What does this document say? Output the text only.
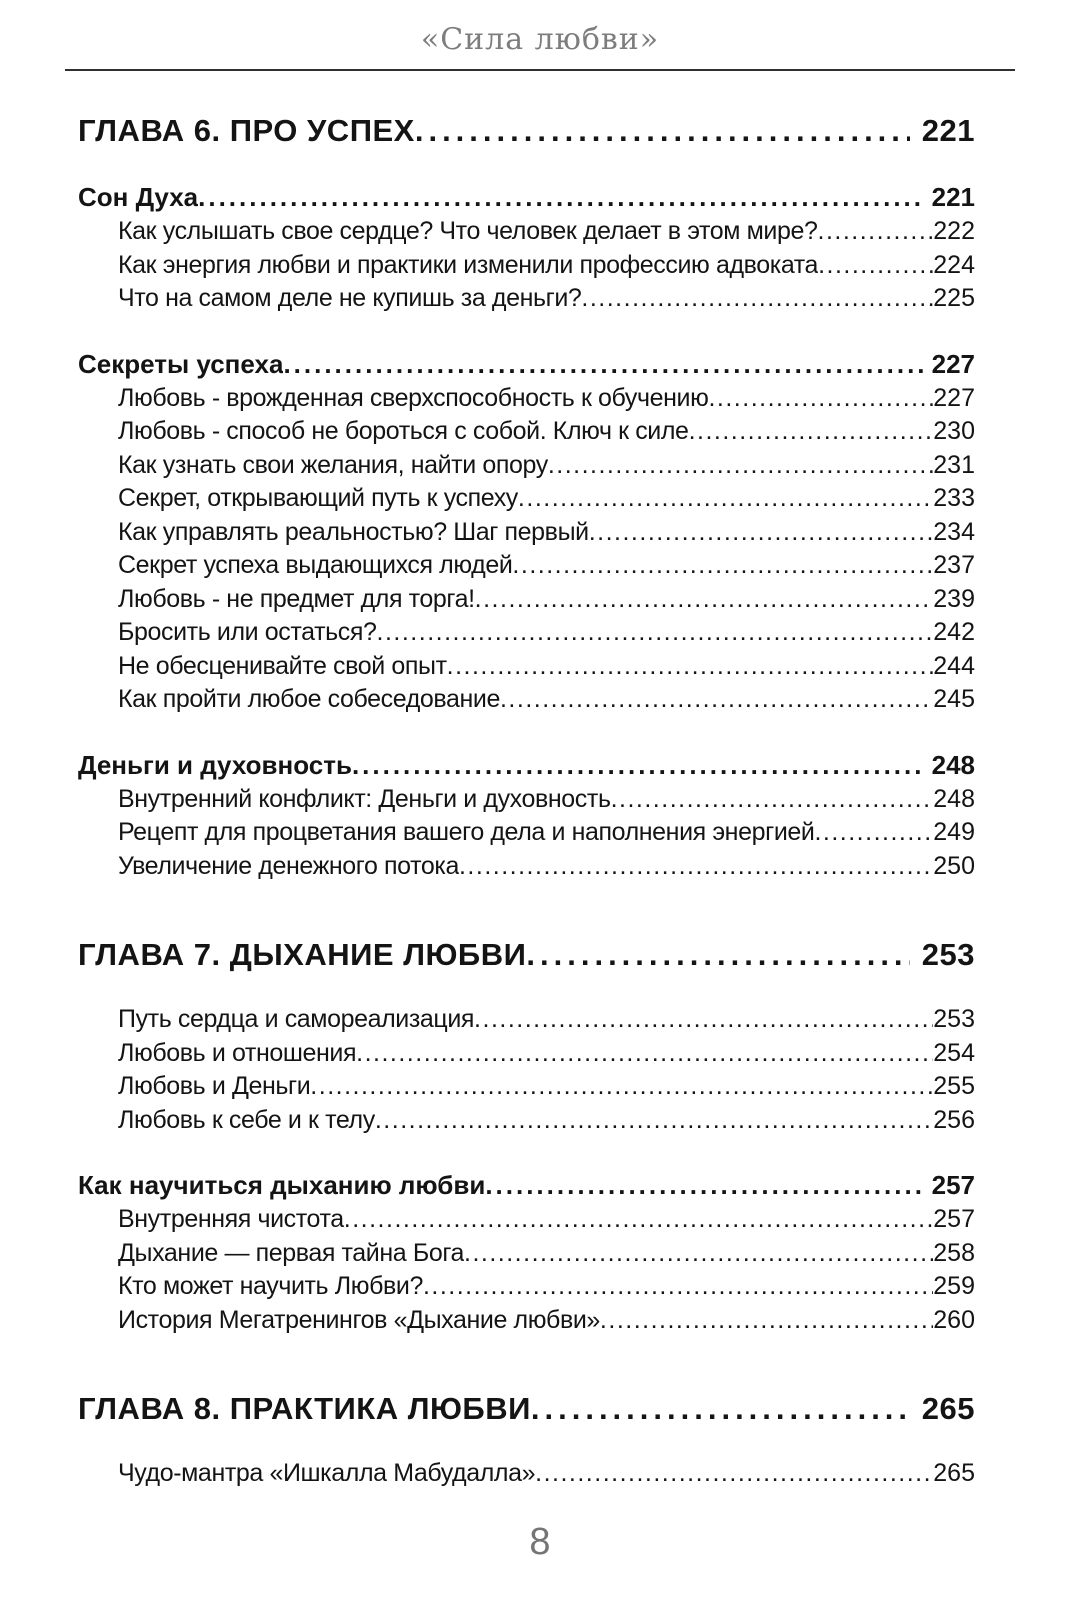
«Сила любви»
ГЛАВА 6. ПРО УСПЕХ .....	221
Сон Духа .....	221
Как услышать свое сердце? Что человек делает в этом мире? .....	222
Как энергия любви и практики изменили профессию адвоката .....	224
Что на самом деле не купишь за деньги? .....	225
Секреты успеха .....	227
Любовь - врожденная сверхспособность к обучению .....	227
Любовь - способ не бороться с собой. Ключ к силе .....	230
Как узнать свои желания, найти опору .....	231
Секрет, открывающий путь к успеху .....	233
Как управлять реальностью? Шаг первый .....	234
Секрет успеха выдающихся людей .....	237
Любовь - не предмет для торга! .....	239
Бросить или остаться? .....	242
Не обесценивайте свой опыт .....	244
Как пройти любое собеседование .....	245
Деньги и духовность .....	248
Внутренний конфликт: Деньги и духовность .....	248
Рецепт для процветания вашего дела и наполнения энергией .....	249
Увеличение денежного потока .....	250
ГЛАВА 7. ДЫХАНИЕ ЛЮБВИ .....	253
Путь сердца и самореализация .....	253
Любовь и отношения .....	254
Любовь и Деньги .....	255
Любовь к себе и к телу .....	256
Как научиться дыханию любви .....	257
Внутренняя чистота .....	257
Дыхание — первая тайна Бога .....	258
Кто может научить Любви? .....	259
История Мегатренингов «Дыхание любви» .....	260
ГЛАВА 8. ПРАКТИКА ЛЮБВИ .....	265
Чудо-мантра «Ишкалла Мабудалла» .....	265
8
